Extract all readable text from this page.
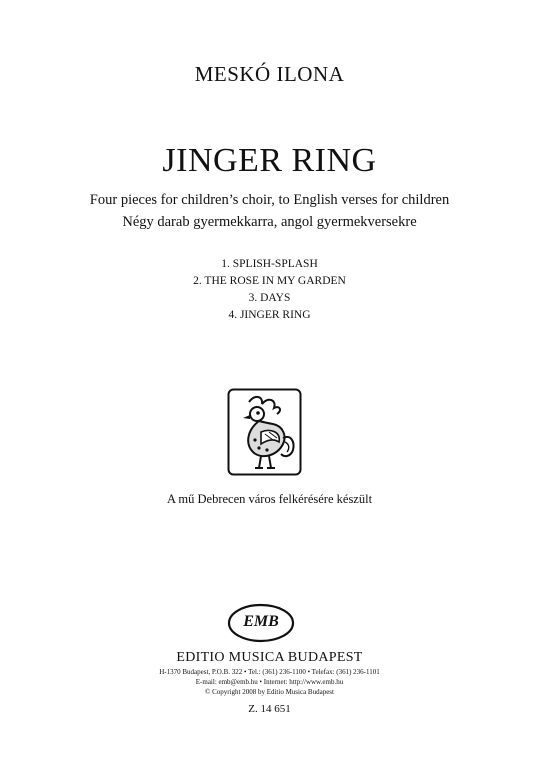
MESKÓ ILONA
JINGER RING
Four pieces for children’s choir, to English verses for children
Négy darab gyermekkarra, angol gyermekversekre
1. SPLISH-SPLASH
2. THE ROSE IN MY GARDEN
3. DAYS
4. JINGER RING
A mű Debrecen város felkérésére készült
EMB
EDITIO MUSICA BUDAPEST
H-1370 Budapest, P.O.B. 322 • Tel.: (361) 236-1100 • Telefax: (361) 236-1101
E-mail: emb@emb.hu • Internet: http://www.emb.hu
© Copyright 2008 by Editio Musica Budapest
Z. 14 651
